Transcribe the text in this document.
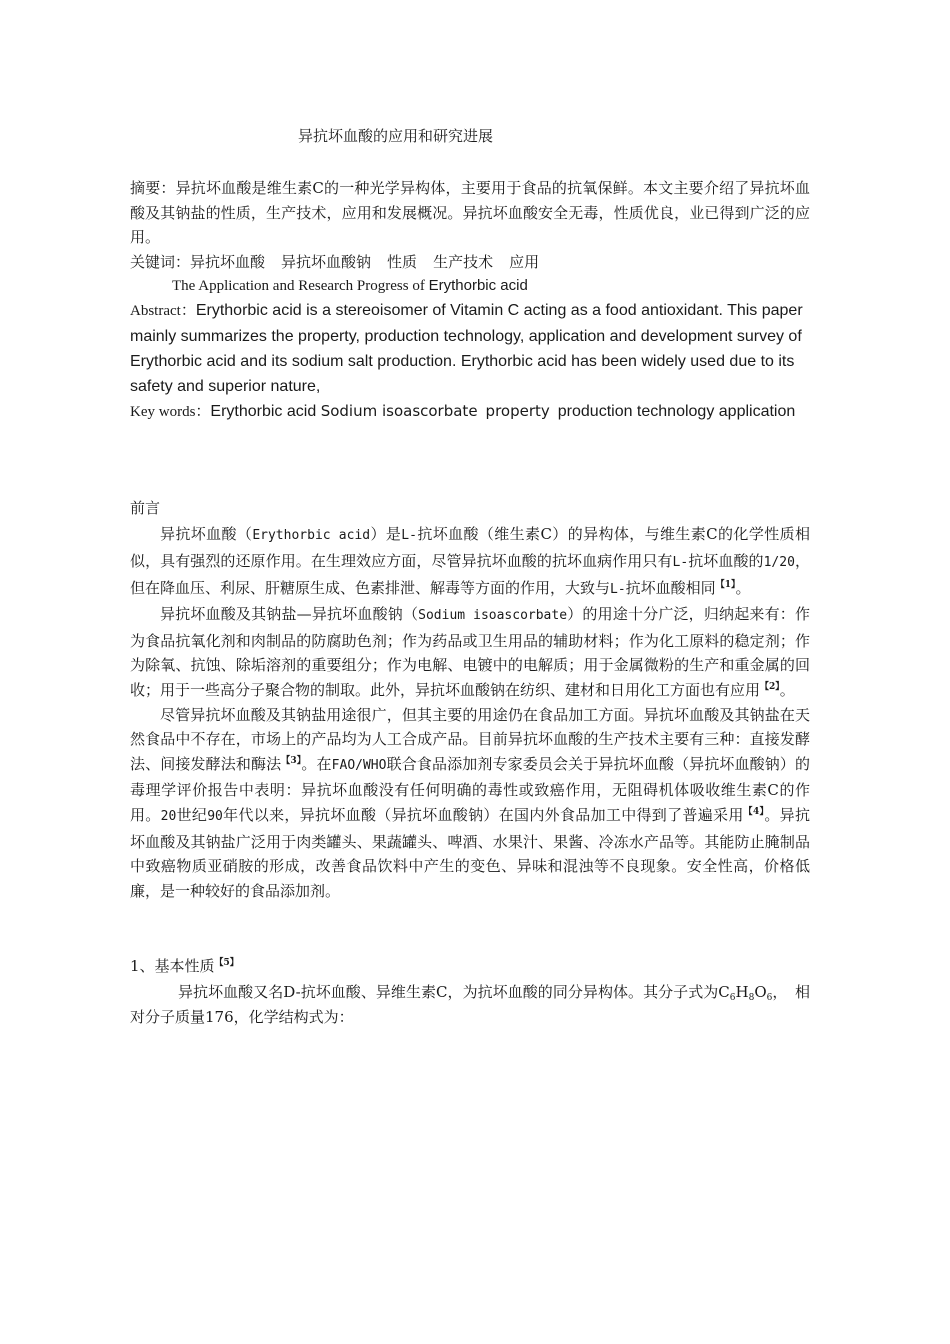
异抗坏血酸的应用和研究进展

摘要：异抗坏血酸是维生素C的一种光学异构体，主要用于食品的抗氧保鲜。本文主要介绍了异抗坏血酸及其钠盐的性质，生产技术，应用和发展概况。异抗坏血酸安全无毒，性质优良，业已得到广泛的应用。

关键词：异抗坏血酸 异抗坏血酸钠 性质 生产技术 应用

The Application and Research Progress of Erythorbic acid

Abstract：Erythorbic acid is a stereoisomer of Vitamin C acting as a food antioxidant. This paper mainly summarizes the property, production technology, application and development survey of Erythorbic acid and its sodium salt production. Erythorbic acid has been widely used due to its safety and superior nature,

Key words：Erythorbic acid Sodium isoascorbate property production technology application

前言

异抗坏血酸（Erythorbic acid）是L-抗坏血酸（维生素C）的异构体，与维生素C的化学性质相似，具有强烈的还原作用。在生理效应方面，尽管异抗坏血酸的抗坏血病作用只有L-抗坏血酸的1/20，但在降血压、利尿、肝糖原生成、色素排泄、解毒等方面的作用，大致与L-抗坏血酸相同$^{【1】}$。

异抗坏血酸及其钠盐—异抗坏血酸钠（Sodium isoascorbate）的用途十分广泛，归纳起来有：作为食品抗氧化剂和肉制品的防腐助色剂；作为药品或卫生用品的辅助材料；作为化工原料的稳定剂；作为除氧、抗蚀、除垢溶剂的重要组分；作为电解、电镀中的电解质；用于金属微粉的生产和重金属的回收；用于一些高分子聚合物的制取。此外，异抗坏血酸钠在纺织、建材和日用化工方面也有应用$^{【2】}$。

尽管异抗坏血酸及其钠盐用途很广，但其主要的用途仍在食品加工方面。异抗坏血酸及其钠盐在天然食品中不存在，市场上的产品均为人工合成产品。目前异抗坏血酸的生产技术主要有三种：直接发酵法、间接发酵法和酶法$^{【3】}$。在FAO/WHO联合食品添加剂专家委员会关于异抗坏血酸（异抗坏血酸钠）的毒理学评价报告中表明：异抗坏血酸没有任何明确的毒性或致癌作用，无阻碍机体吸收维生素C的作用。20世纪90年代以来，异抗坏血酸（异抗坏血酸钠）在国内外食品加工中得到了普遍采用$^{【4】}$。异抗坏血酸及其钠盐广泛用于肉类罐头、果蔬罐头、啤酒、水果汁、果酱、冷冻水产品等。其能防止腌制品中致癌物质亚硝胺的形成，改善食品饮料中产生的变色、异味和混浊等不良现象。安全性高，价格低廉，是一种较好的食品添加剂。

1、基本性质$^{【5】}$

异抗坏血酸又名D-抗坏血酸、异维生素C，为抗坏血酸的同分异构体。其分子式为$C_6H_8O_6$，　相对分子质量176，化学结构式为：
